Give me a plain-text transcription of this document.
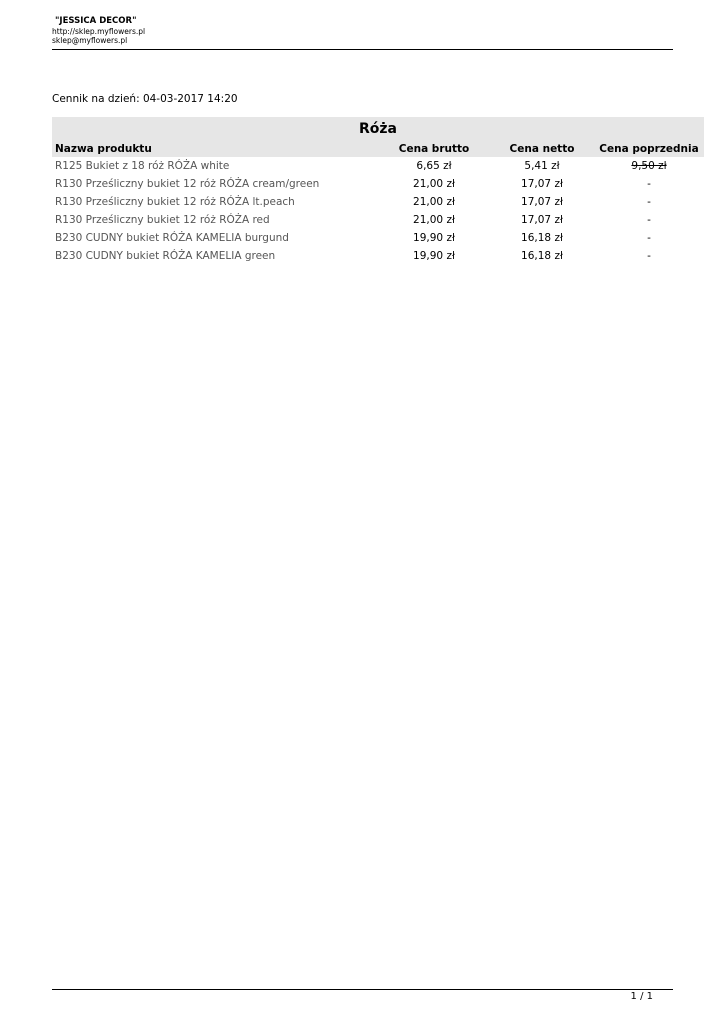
"JESSICA DECOR"
http://sklep.myflowers.pl
sklep@myflowers.pl
Cennik na dzień: 04-03-2017 14:20
Róża
Nazwa produktu	Cena brutto	Cena netto	Cena poprzednia
R125 Bukiet z 18 róż RÓŻA white	6,65 zł	5,41 zł	9,50 zł
R130 Prześliczny bukiet 12 róż RÓŻA cream/green	21,00 zł	17,07 zł	-
R130 Prześliczny bukiet 12 róż RÓŻA lt.peach	21,00 zł	17,07 zł	-
R130 Prześliczny bukiet 12 róż RÓŻA red	21,00 zł	17,07 zł	-
B230 CUDNY bukiet RÓŻA KAMELIA burgund	19,90 zł	16,18 zł	-
B230 CUDNY bukiet RÓŻA KAMELIA green	19,90 zł	16,18 zł	-
1 / 1
